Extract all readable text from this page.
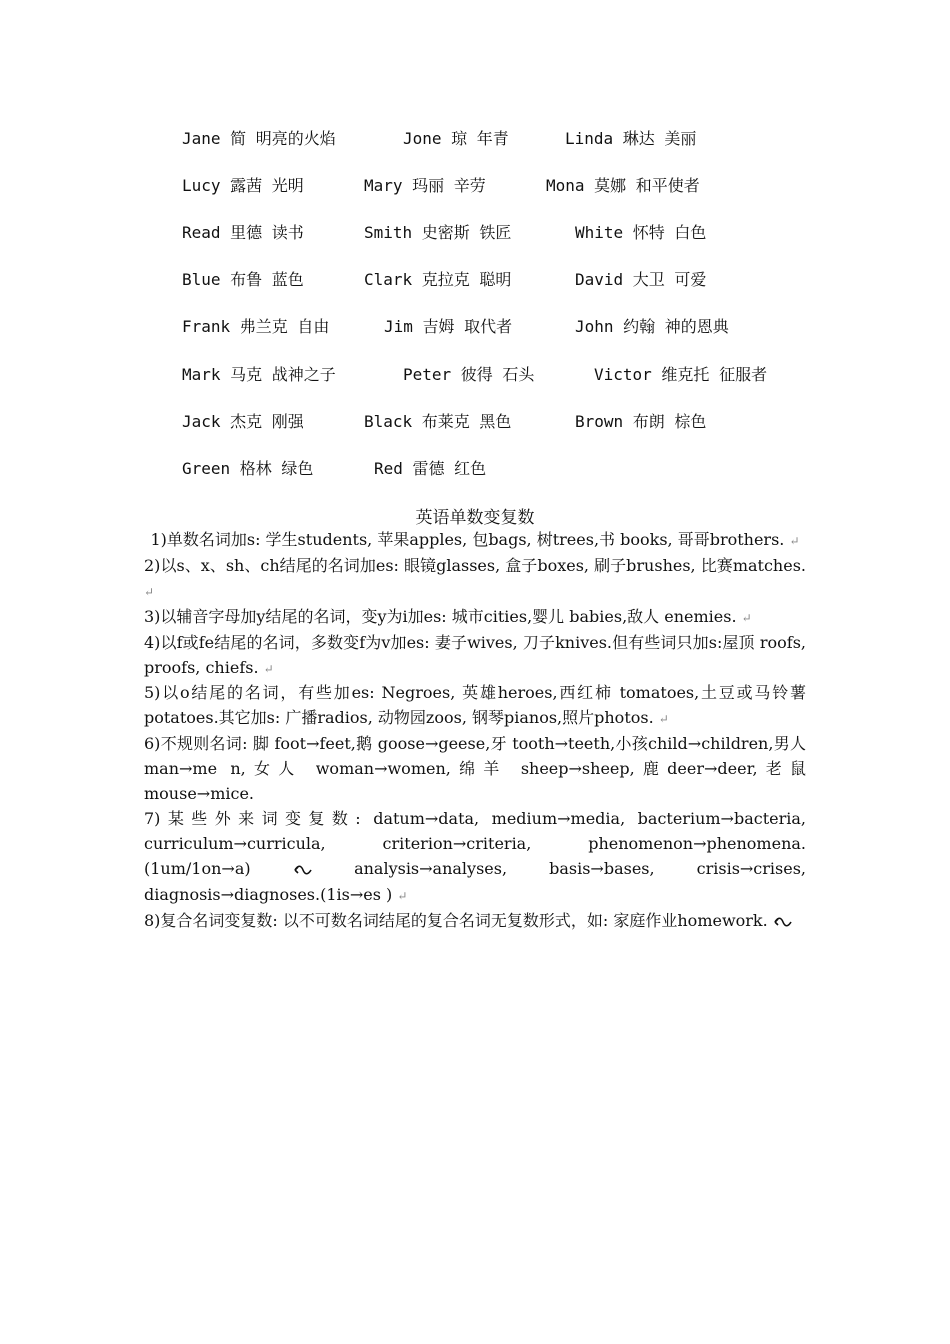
Jane 简 明亮的火焰	Jone 琼 年青	Linda 琳达 美丽
Lucy 露茜 光明	Mary 玛丽 辛劳	Mona 莫娜 和平使者
Read 里德 读书	Smith 史密斯 铁匠	White 怀特 白色
Blue 布鲁 蓝色	Clark 克拉克 聪明	David 大卫 可爱
Frank 弗兰克 自由	Jim 吉姆 取代者	John 约翰 神的恩典
Mark 马克 战神之子	Peter 彼得 石头	Victor 维克托 征服者
Jack 杰克 刚强	Black 布莱克 黑色	Brown 布朗 棕色
Green 格林 绿色	Red 雷德 红色
英语单数变复数

1)单数名词加s: 学生students, 苹果apples, 包bags, 树trees,书 books, 哥哥brothers. ↵

2)以s、x、sh、ch结尾的名词加es: 眼镜glasses, 盒子boxes, 刷子brushes, 比赛matches. ↵

3)以辅音字母加y结尾的名词，变y为i加es: 城市cities,婴儿 babies,敌人 enemies. ↵

4)以f或fe结尾的名词，多数变f为v加es: 妻子wives, 刀子knives.但有些词只加s:屋顶 roofs, proofs, chiefs. ↵

5)以o结尾的名词，有些加es: Negroes, 英雄heroes,西红柿 tomatoes,土豆或马铃薯 potatoes.其它加s: 广播radios, 动物园zoos, 钢琴pianos,照片photos. ↵

6)不规则名词: 脚 foot→feet,鹅 goose→geese,牙 tooth→teeth,小孩child→children,男人 man→me n,女人 woman→women,绵羊 sheep→sheep,鹿deer→deer,老鼠 mouse→mice.

7)某些外来词变复数: datum→data, medium→media, bacterium→bacteria, curriculum→curricula, criterion→criteria, phenomenon→phenomena.(1um/1on→a)	analysis→analyses, basis→bases, crisis→crises, diagnosis→diagnoses.(1is→es ) ↵

8)复合名词变复数: 以不可数名词结尾的复合名词无复数形式，如: 家庭作业homework.
